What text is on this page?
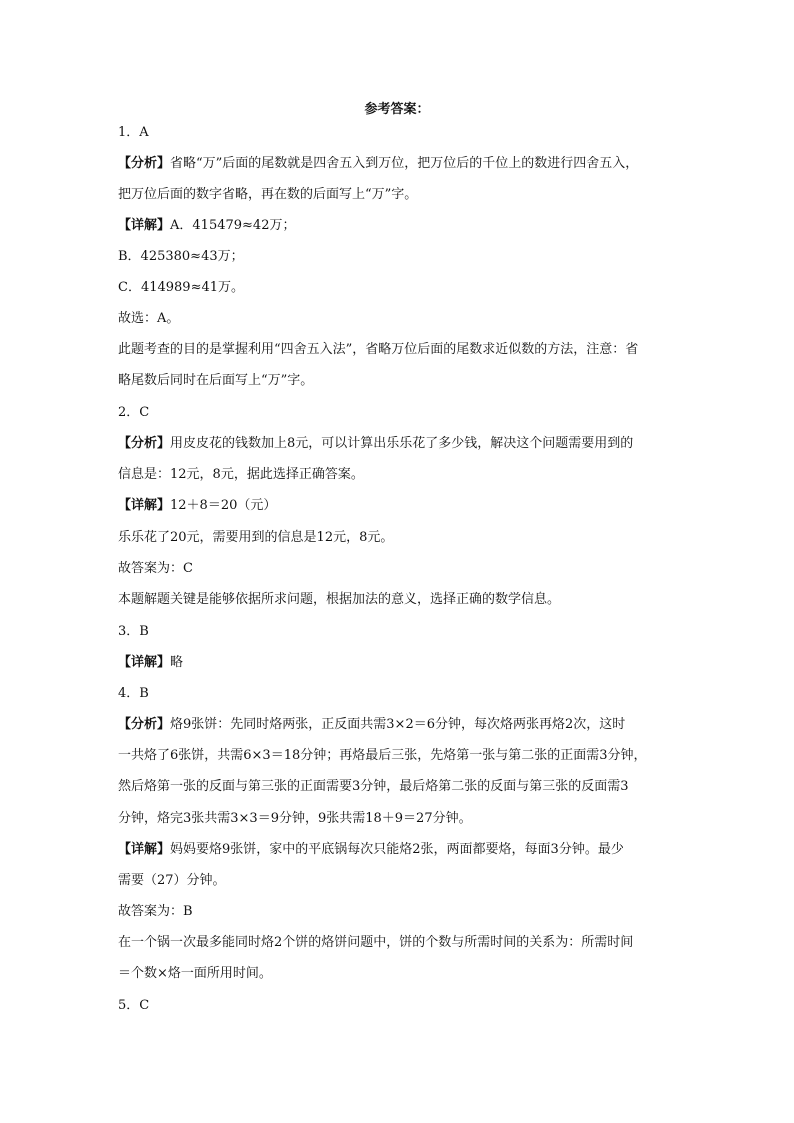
参考答案：
1．A
【分析】省略“万”后面的尾数就是四舍五入到万位，把万位后的千位上的数进行四舍五入，
把万位后面的数字省略，再在数的后面写上“万”字。
【详解】A．415479≈42万；
B．425380≈43万；
C．414989≈41万。
故选：A。
此题考查的目的是掌握利用“四舍五入法”，省略万位后面的尾数求近似数的方法，注意：省
略尾数后同时在后面写上“万”字。
2．C
【分析】用皮皮花的钱数加上8元，可以计算出乐乐花了多少钱，解决这个问题需要用到的
信息是：12元，8元，据此选择正确答案。
【详解】12＋8＝20（元）
乐乐花了20元，需要用到的信息是12元，8元。
故答案为：C
本题解题关键是能够依据所求问题，根据加法的意义，选择正确的数学信息。
3．B
【详解】略
4．B
【分析】烙9张饼：先同时烙两张，正反面共需3×2＝6分钟，每次烙两张再烙2次，这时
一共烙了6张饼，共需6×3＝18分钟；再烙最后三张，先烙第一张与第二张的正面需3分钟，
然后烙第一张的反面与第三张的正面需要3分钟，最后烙第二张的反面与第三张的反面需3
分钟，烙完3张共需3×3＝9分钟，9张共需18＋9＝27分钟。
【详解】妈妈要烙9张饼，家中的平底锅每次只能烙2张，两面都要烙，每面3分钟。最少
需要（27）分钟。
故答案为：B
在一个锅一次最多能同时烙2个饼的烙饼问题中，饼的个数与所需时间的关系为：所需时间
＝个数×烙一面所用时间。
5．C
